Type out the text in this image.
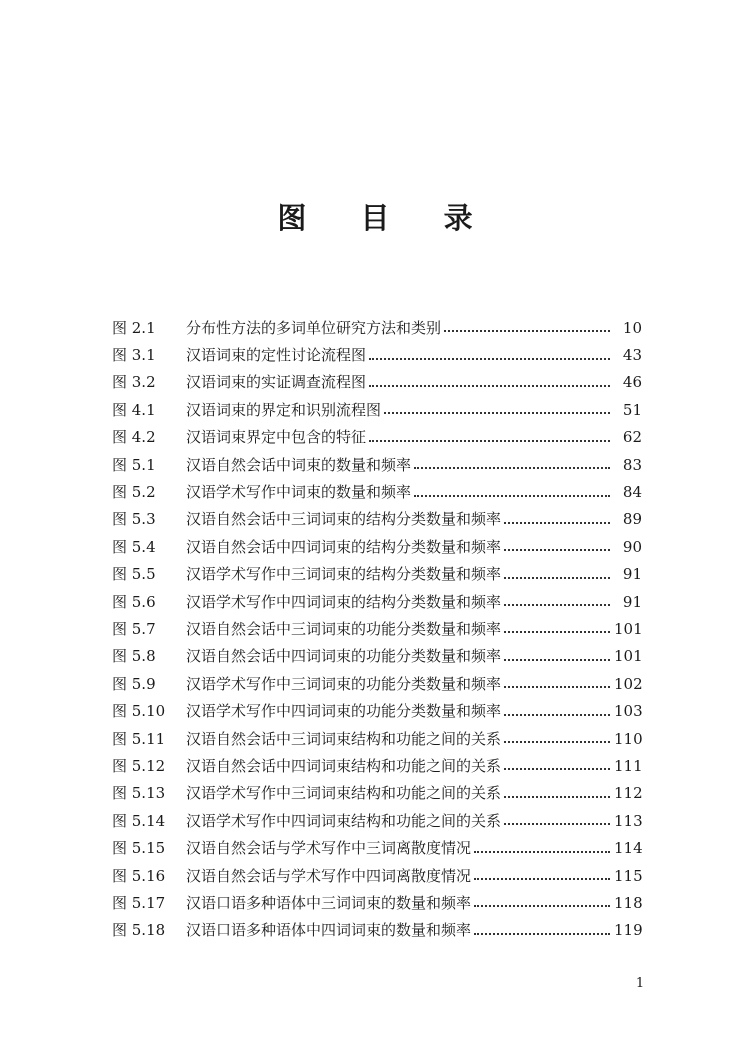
图 目 录
图 2.1	分布性方法的多词单位研究方法和类别	10
图 3.1	汉语词束的定性讨论流程图	43
图 3.2	汉语词束的实证调查流程图	46
图 4.1	汉语词束的界定和识别流程图	51
图 4.2	汉语词束界定中包含的特征	62
图 5.1	汉语自然会话中词束的数量和频率	83
图 5.2	汉语学术写作中词束的数量和频率	84
图 5.3	汉语自然会话中三词词束的结构分类数量和频率	89
图 5.4	汉语自然会话中四词词束的结构分类数量和频率	90
图 5.5	汉语学术写作中三词词束的结构分类数量和频率	91
图 5.6	汉语学术写作中四词词束的结构分类数量和频率	91
图 5.7	汉语自然会话中三词词束的功能分类数量和频率	101
图 5.8	汉语自然会话中四词词束的功能分类数量和频率	101
图 5.9	汉语学术写作中三词词束的功能分类数量和频率	102
图 5.10	汉语学术写作中四词词束的功能分类数量和频率	103
图 5.11	汉语自然会话中三词词束结构和功能之间的关系	110
图 5.12	汉语自然会话中四词词束结构和功能之间的关系	111
图 5.13	汉语学术写作中三词词束结构和功能之间的关系	112
图 5.14	汉语学术写作中四词词束结构和功能之间的关系	113
图 5.15	汉语自然会话与学术写作中三词离散度情况	114
图 5.16	汉语自然会话与学术写作中四词离散度情况	115
图 5.17	汉语口语多种语体中三词词束的数量和频率	118
图 5.18	汉语口语多种语体中四词词束的数量和频率	119
1
